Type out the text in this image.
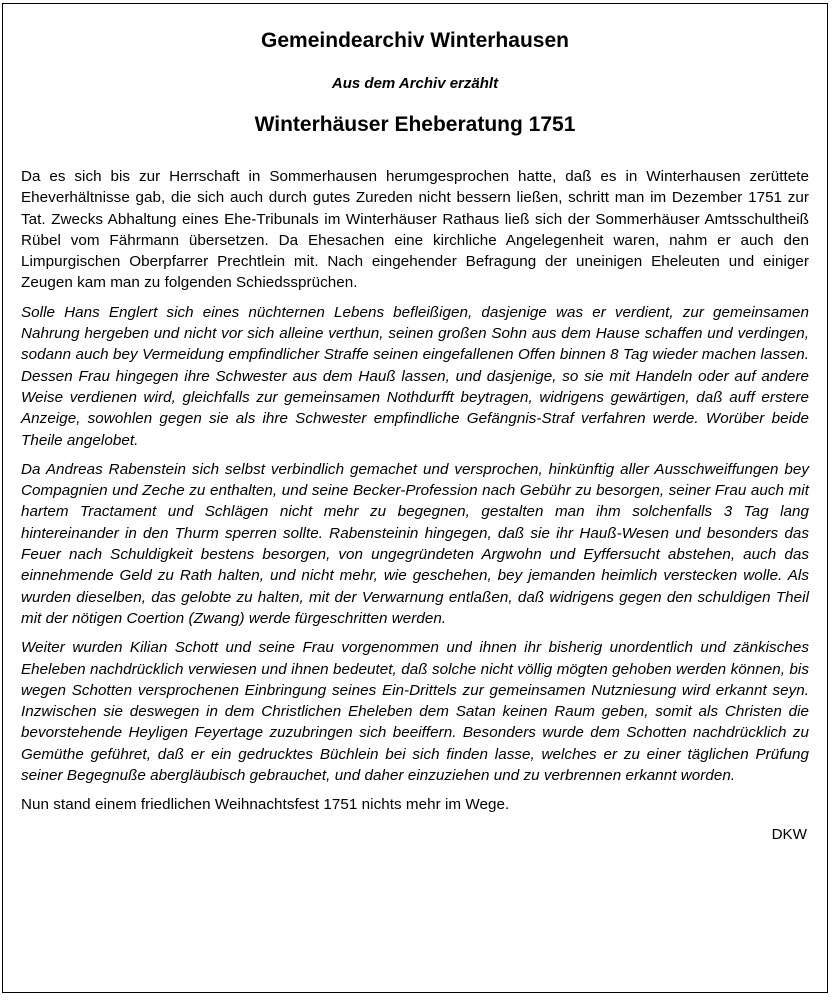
Gemeindearchiv Winterhausen
Aus dem Archiv erzählt
Winterhäuser Eheberatung 1751

Da es sich bis zur Herrschaft in Sommerhausen herumgesprochen hatte, daß es in Winterhausen zerüttete Eheverhältnisse gab, die sich auch durch gutes Zureden nicht bessern ließen, schritt man im Dezember 1751 zur Tat. Zwecks Abhaltung eines Ehe-Tribunals im Winterhäuser Rathaus ließ sich der Sommerhäuser Amtsschultheiß Rübel vom Fährmann übersetzen. Da Ehesachen eine kirchliche Angelegenheit waren, nahm er auch den Limpurgischen Oberpfarrer Prechtlein mit. Nach eingehender Befragung der uneinigen Eheleuten und einiger Zeugen kam man zu folgenden Schiedssprüchen.

Solle Hans Englert sich eines nüchternen Lebens befleißigen, dasjenige was er verdient, zur gemeinsamen Nahrung hergeben und nicht vor sich alleine verthun, seinen großen Sohn aus dem Hause schaffen und verdingen, sodann auch bey Vermeidung empfindlicher Straffe seinen eingefallenen Offen binnen 8 Tag wieder machen lassen. Dessen Frau hingegen ihre Schwester aus dem Hauß lassen, und dasjenige, so sie mit Handeln oder auf andere Weise verdienen wird, gleichfalls zur gemeinsamen Nothdurfft beytragen, widrigens gewärtigen, daß auff erstere Anzeige, sowohlen gegen sie als ihre Schwester empfindliche Gefängnis-Straf verfahren werde. Worüber beide Theile angelobet.

Da Andreas Rabenstein sich selbst verbindlich gemachet und versprochen, hinkünftig aller Ausschweiffungen bey Compagnien und Zeche zu enthalten, und seine Becker-Profession nach Gebühr zu besorgen, seiner Frau auch mit hartem Tractament und Schlägen nicht mehr zu begegnen, gestalten man ihm solchenfalls 3 Tag lang hintereinander in den Thurm sperren sollte. Rabensteinin hingegen, daß sie ihr Hauß-Wesen und besonders das Feuer nach Schuldigkeit bestens besorgen, von ungegründeten Argwohn und Eyffersucht abstehen, auch das einnehmende Geld zu Rath halten, und nicht mehr, wie geschehen, bey jemanden heimlich verstecken wolle. Als wurden dieselben, das gelobte zu halten, mit der Verwarnung entlaßen, daß widrigens gegen den schuldigen Theil mit der nötigen Coertion (Zwang) werde fürgeschritten werden.

Weiter wurden Kilian Schott und seine Frau vorgenommen und ihnen ihr bisherig unordentlich und zänkisches Eheleben nachdrücklich verwiesen und ihnen bedeutet, daß solche nicht völlig mögten gehoben werden können, bis wegen Schotten versprochenen Einbringung seines Ein-Drittels zur gemeinsamen Nutzniesung wird erkannt seyn. Inzwischen sie deswegen in dem Christlichen Eheleben dem Satan keinen Raum geben, somit als Christen die bevorstehende Heyligen Feyertage zuzubringen sich beeiffern. Besonders wurde dem Schotten nachdrücklich zu Gemüthe geführet, daß er ein gedrucktes Büchlein bei sich finden lasse, welches er zu einer täglichen Prüfung seiner Begegnuße abergläubisch gebrauchet, und daher einzuziehen und zu verbrennen erkannt worden.

Nun stand einem friedlichen Weihnachtsfest 1751 nichts mehr im Wege.

DKW
